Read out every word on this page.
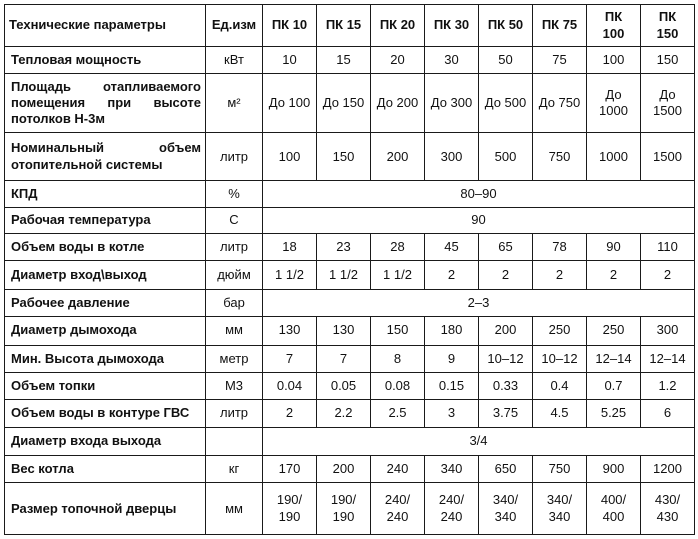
Технические параметры	Ед.изм	ПК 10	ПК 15	ПК 20	ПК 30	ПК 50	ПК 75	ПК 100	ПК 150
Тепловая мощность	кВт	10	15	20	30	50	75	100	150
Площадь отапливаемого помещения при высоте потолков Н-3м	м²	До 100	До 150	До 200	До 300	До 500	До 750	До 1000	До 1500
Номинальный объем отопительной системы	литр	100	150	200	300	500	750	1000	1500
КПД	%	80–90							
Рабочая температура	С	90							
Объем воды в котле	литр	18	23	28	45	65	78	90	110
Диаметр вход\выход	дюйм	1 1/2	1 1/2	1 1/2	2	2	2	2	2
Рабочее давление	бар	2–3							
Диаметр дымохода	мм	130	130	150	180	200	250	250	300
Мин. Высота дымохода	метр	7	7	8	9	10–12	10–12	12–14	12–14
Объем топки	М3	0.04	0.05	0.08	0.15	0.33	0.4	0.7	1.2
Объем воды в контуре ГВС	литр	2	2.2	2.5	3	3.75	4.5	5.25	6
Диаметр входа выхода		3/4							
Вес котла	кг	170	200	240	340	650	750	900	1200
Размер топочной дверцы	мм	190/ 190	190/ 190	240/ 240	240/ 240	340/ 340	340/ 340	400/ 400	430/ 430
